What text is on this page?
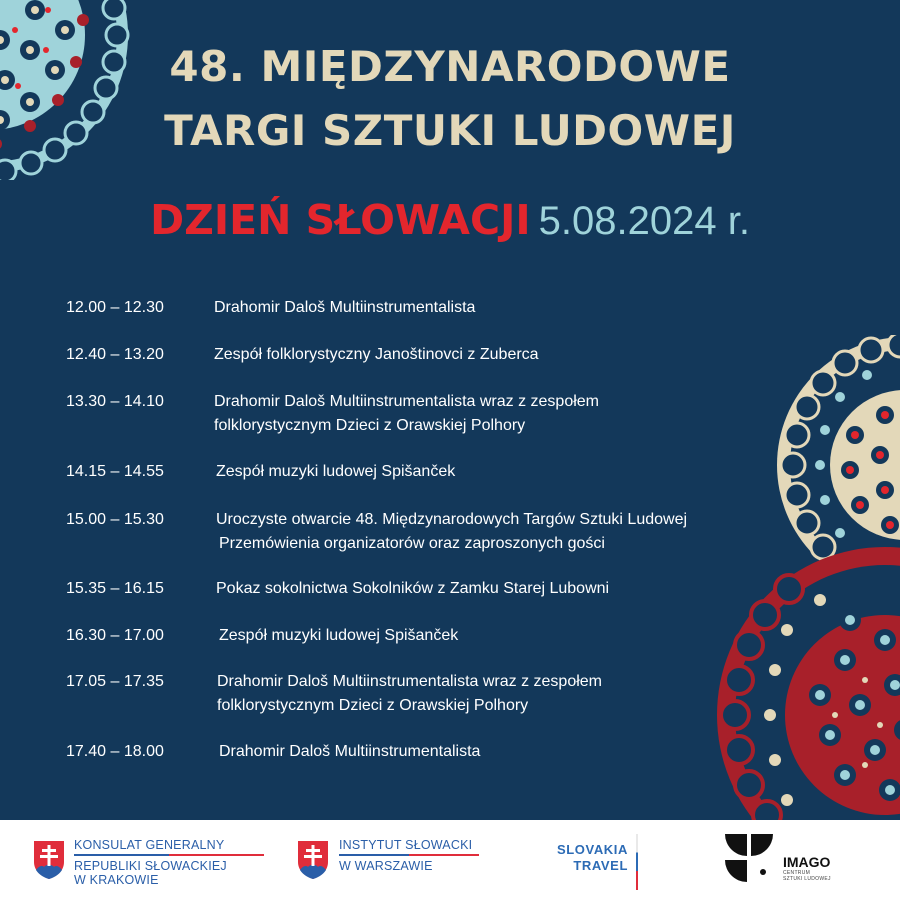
48. MIĘDZYNARODOWE
TARGI SZTUKI LUDOWEJ
DZIEŃ SŁOWACJI 5.08.2024 r.
12.00 – 12.30	Drahomir Daloš Multiinstrumentalista
12.40 – 13.20	Zespół folklorystyczny Janoštinovci z Zuberca
13.30 – 14.10	Drahomir Daloš Multiinstrumentalista wraz z zespołem
folklorystycznym Dzieci z Orawskiej Polhory
14.15 – 14.55	Zespół muzyki ludowej Spišanček
15.00 – 15.30	Uroczyste otwarcie 48. Międzynarodowych Targów Sztuki Ludowej
Przemówienia organizatorów oraz zaproszonych gości
15.35 – 16.15	Pokaz sokolnictwa Sokolników z Zamku Starej Lubowni
16.30 – 17.00	Zespół muzyki ludowej Spišanček
17.05 – 17.35	Drahomir Daloš Multiinstrumentalista wraz z zespołem
folklorystycznym Dzieci z Orawskiej Polhory
17.40 – 18.00	Drahomir Daloš Multiinstrumentalista
KONSULAT GENERALNY
REPUBLIKI SŁOWACKIEJ
W KRAKOWIE
INSTYTUT SŁOWACKI
W WARSZAWIE
SLOVAKIA
TRAVEL	IMAGO
CENTRUM
SZTUKI LUDOWEJ
